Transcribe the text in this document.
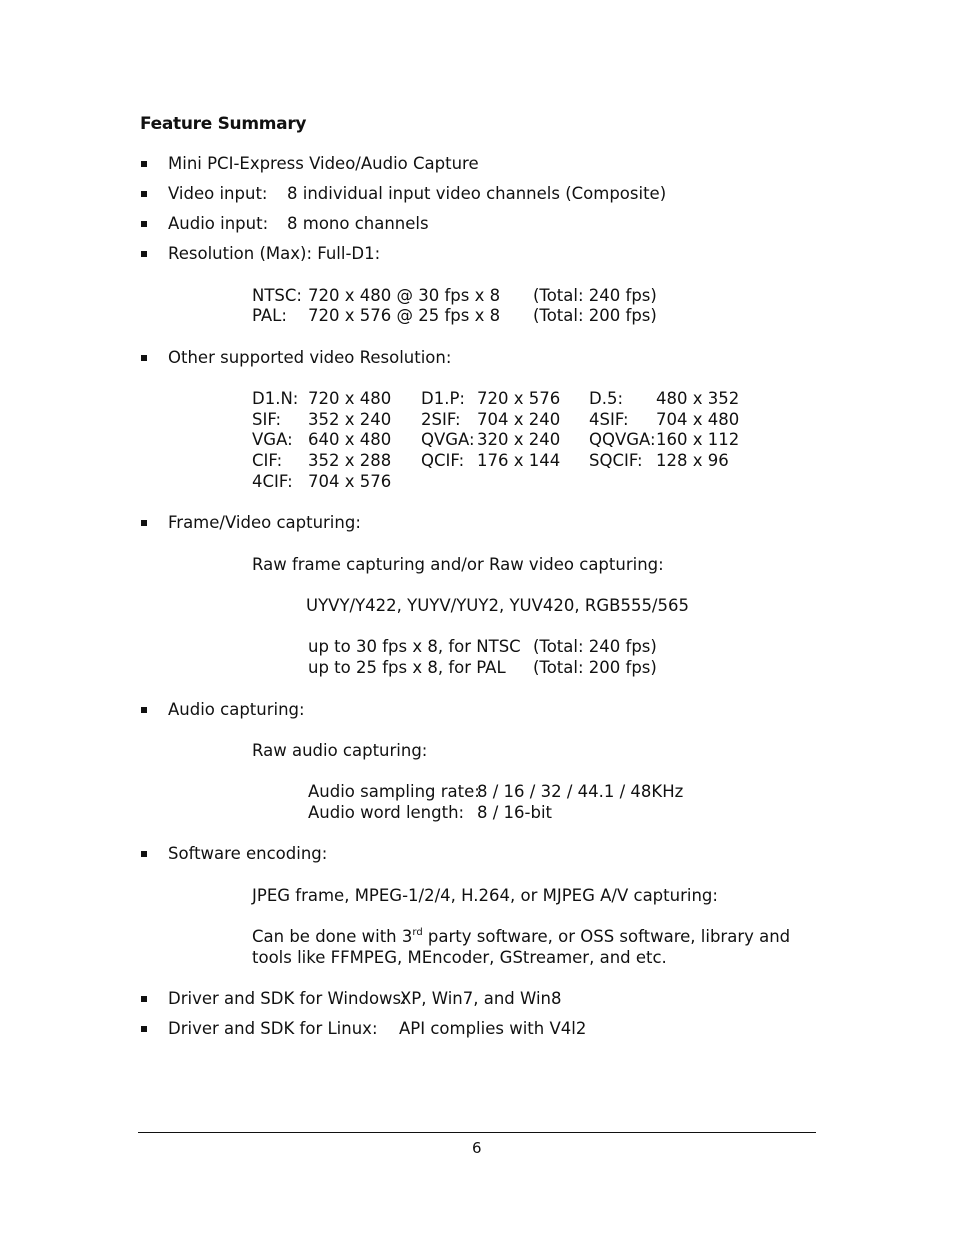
Feature Summary
Mini PCI-Express Video/Audio Capture
Video input: 8 individual input video channels (Composite)
Audio input: 8 mono channels
Resolution (Max): Full-D1:
NTSC: 720 x 480 @ 30 fps x 8 (Total: 240 fps)
PAL: 720 x 576 @ 25 fps x 8 (Total: 200 fps)
Other supported video Resolution:
D1.N: 720 x 480 D1.P: 720 x 576 D.5: 480 x 352
SIF: 352 x 240 2SIF: 704 x 240 4SIF: 704 x 480
VGA: 640 x 480 QVGA: 320 x 240 QQVGA: 160 x 112
CIF: 352 x 288 QCIF: 176 x 144 SQCIF: 128 x 96
4CIF: 704 x 576
Frame/Video capturing:
Raw frame capturing and/or Raw video capturing:
UYVY/Y422, YUYV/YUY2, YUV420, RGB555/565
up to 30 fps x 8, for NTSC (Total: 240 fps)
up to 25 fps x 8, for PAL (Total: 200 fps)
Audio capturing:
Raw audio capturing:
Audio sampling rate:
8 / 16 / 32 / 44.1 / 48KHz
Audio word length: 8 / 16-bit
Software encoding:
JPEG frame, MPEG-1/2/4, H.264, or MJPEG A/V capturing:
Can be done with 3rd party software, or OSS software, library and
tools like FFMPEG, MEncoder, GStreamer, and etc.
Driver and SDK for Windows:
XP, Win7, and Win8
Driver and SDK for Linux: API complies with V4l2
6
